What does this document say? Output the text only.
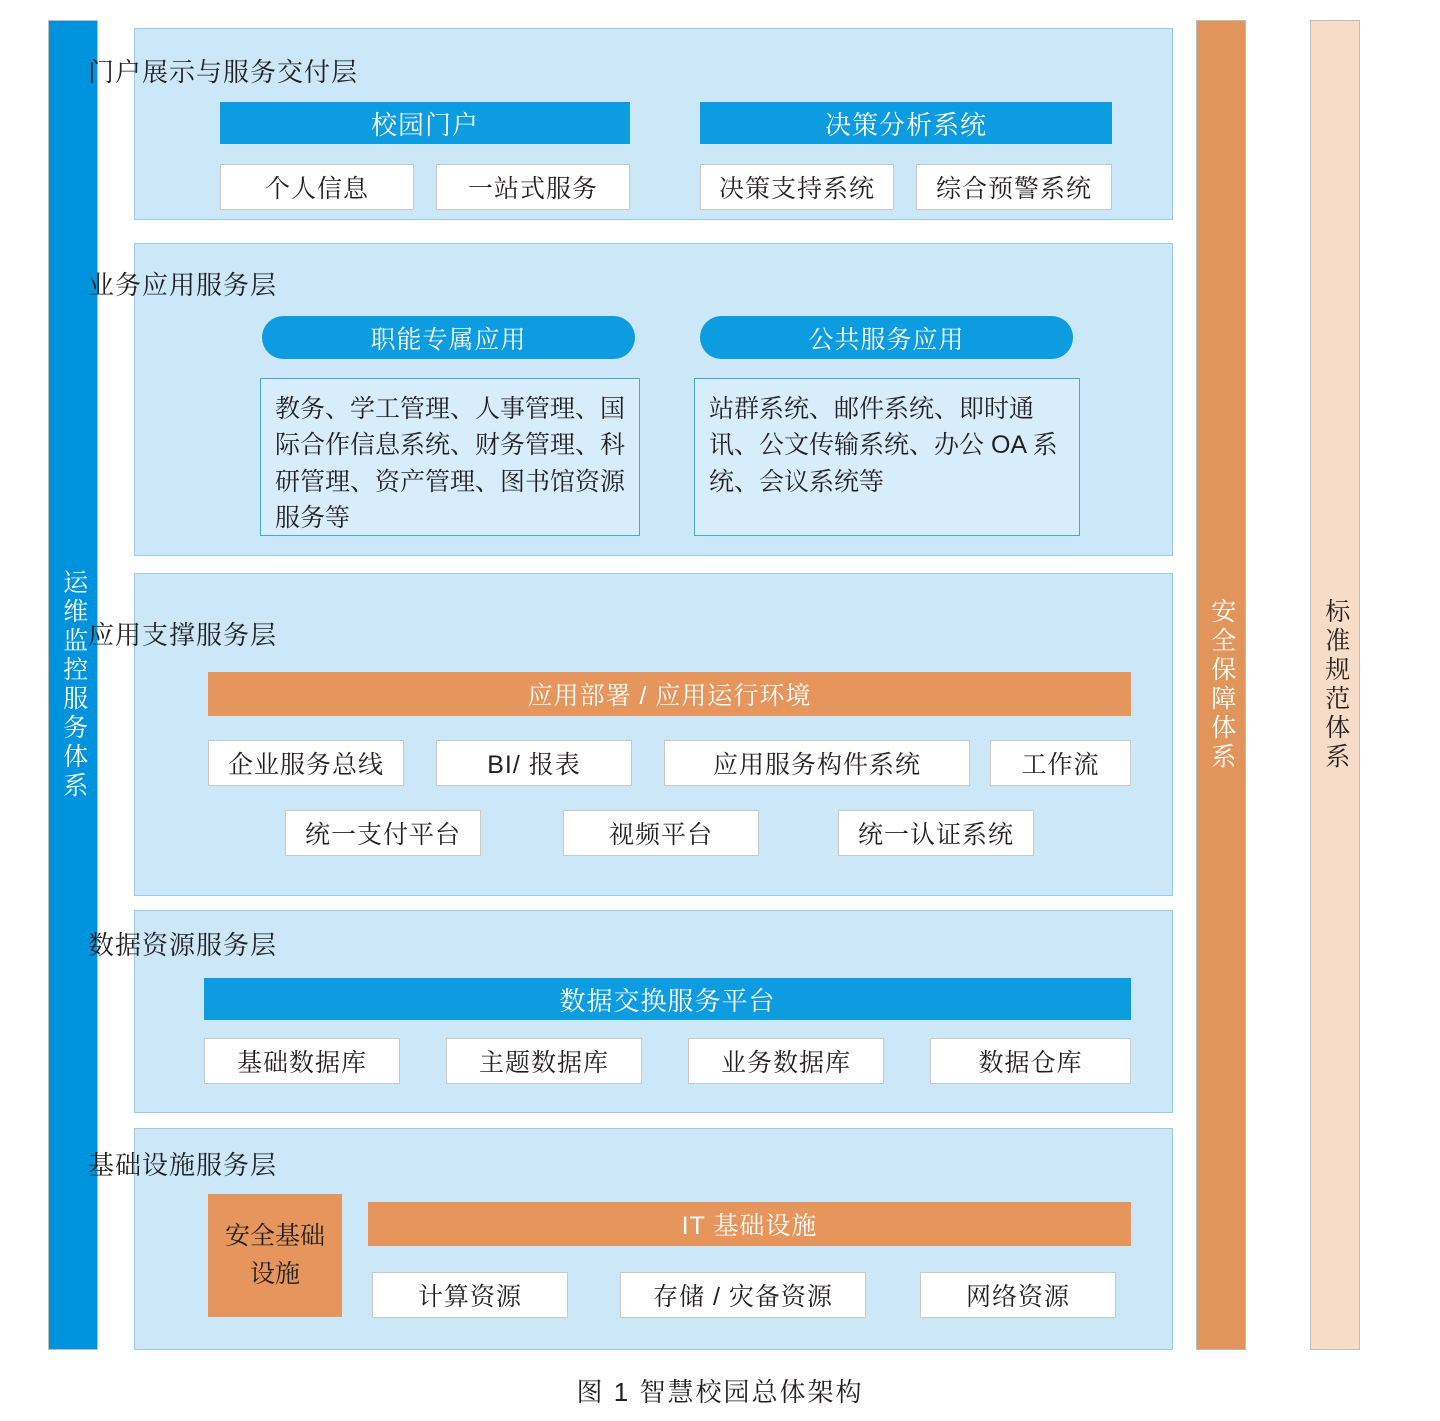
运维监控服务体系	安全保障体系	标准规范体系
门户展示与服务交付层
校园门户	决策分析系统
个人信息	一站式服务	决策支持系统 综合预警系统
业务应用服务层
职能专属应用	公共服务应用
教务、学工管理、人事管理、国际合作信息系统、财务管理、科研管理、资产管理、图书馆资源服务等
站群系统、邮件系统、即时通讯、公文传输系统、办公 OA 系统、会议系统等
应用支撑服务层
应用部署 / 应用运行环境
企业服务总线	BI/ 报表	应用服务构件系统	工作流
统一支付平台	视频平台	统一认证系统
数据资源服务层
数据交换服务平台
基础数据库	主题数据库	业务数据库	数据仓库
基础设施服务层
安全基础设施
IT 基础设施
计算资源	存储 / 灾备资源	网络资源
图 1 智慧校园总体架构
